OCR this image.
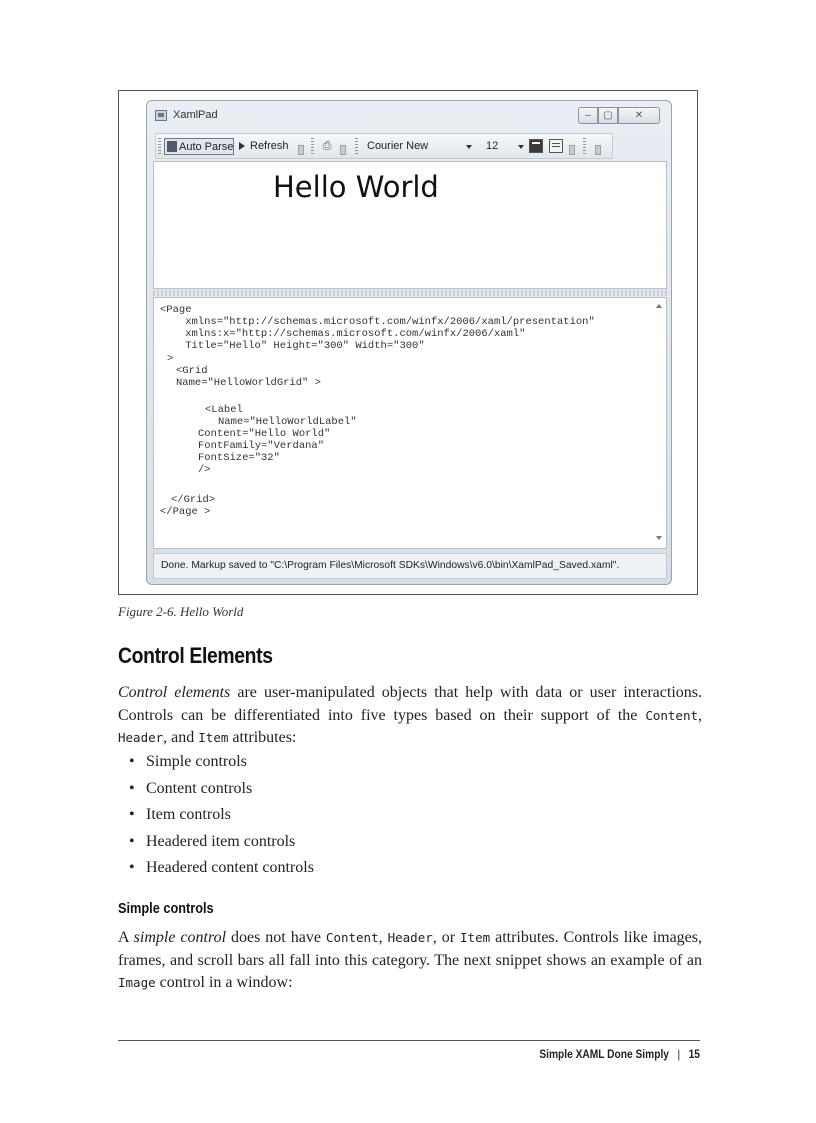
XamlPad	–	▢	✕
Auto Parse	Refresh	⎙	Courier New	12
Hello World
<Page
xmlns="http://schemas.microsoft.com/winfx/2006/xaml/presentation"
xmlns:x="http://schemas.microsoft.com/winfx/2006/xaml"
Title="Hello" Height="300" Width="300"
>
<Grid
Name="HelloWorldGrid" >
<Label
Name="HelloWorldLabel"
Content="Hello World"
FontFamily="Verdana"
FontSize="32"
/>
</Grid>
</Page >
Done. Markup saved to "C:\Program Files\Microsoft SDKs\Windows\v6.0\bin\XamlPad_Saved.xaml".
Figure 2-6. Hello World
Control Elements
Control elements are user-manipulated objects that help with data or user interactions. Controls can be differentiated into five types based on their support of the Content, Header, and Item attributes:
• Simple controls
• Content controls
• Item controls
• Headered item controls
• Headered content controls
Simple controls
A simple control does not have Content, Header, or Item attributes. Controls like images, frames, and scroll bars all fall into this category. The next snippet shows an example of an Image control in a window:
Simple XAML Done Simply | 15
